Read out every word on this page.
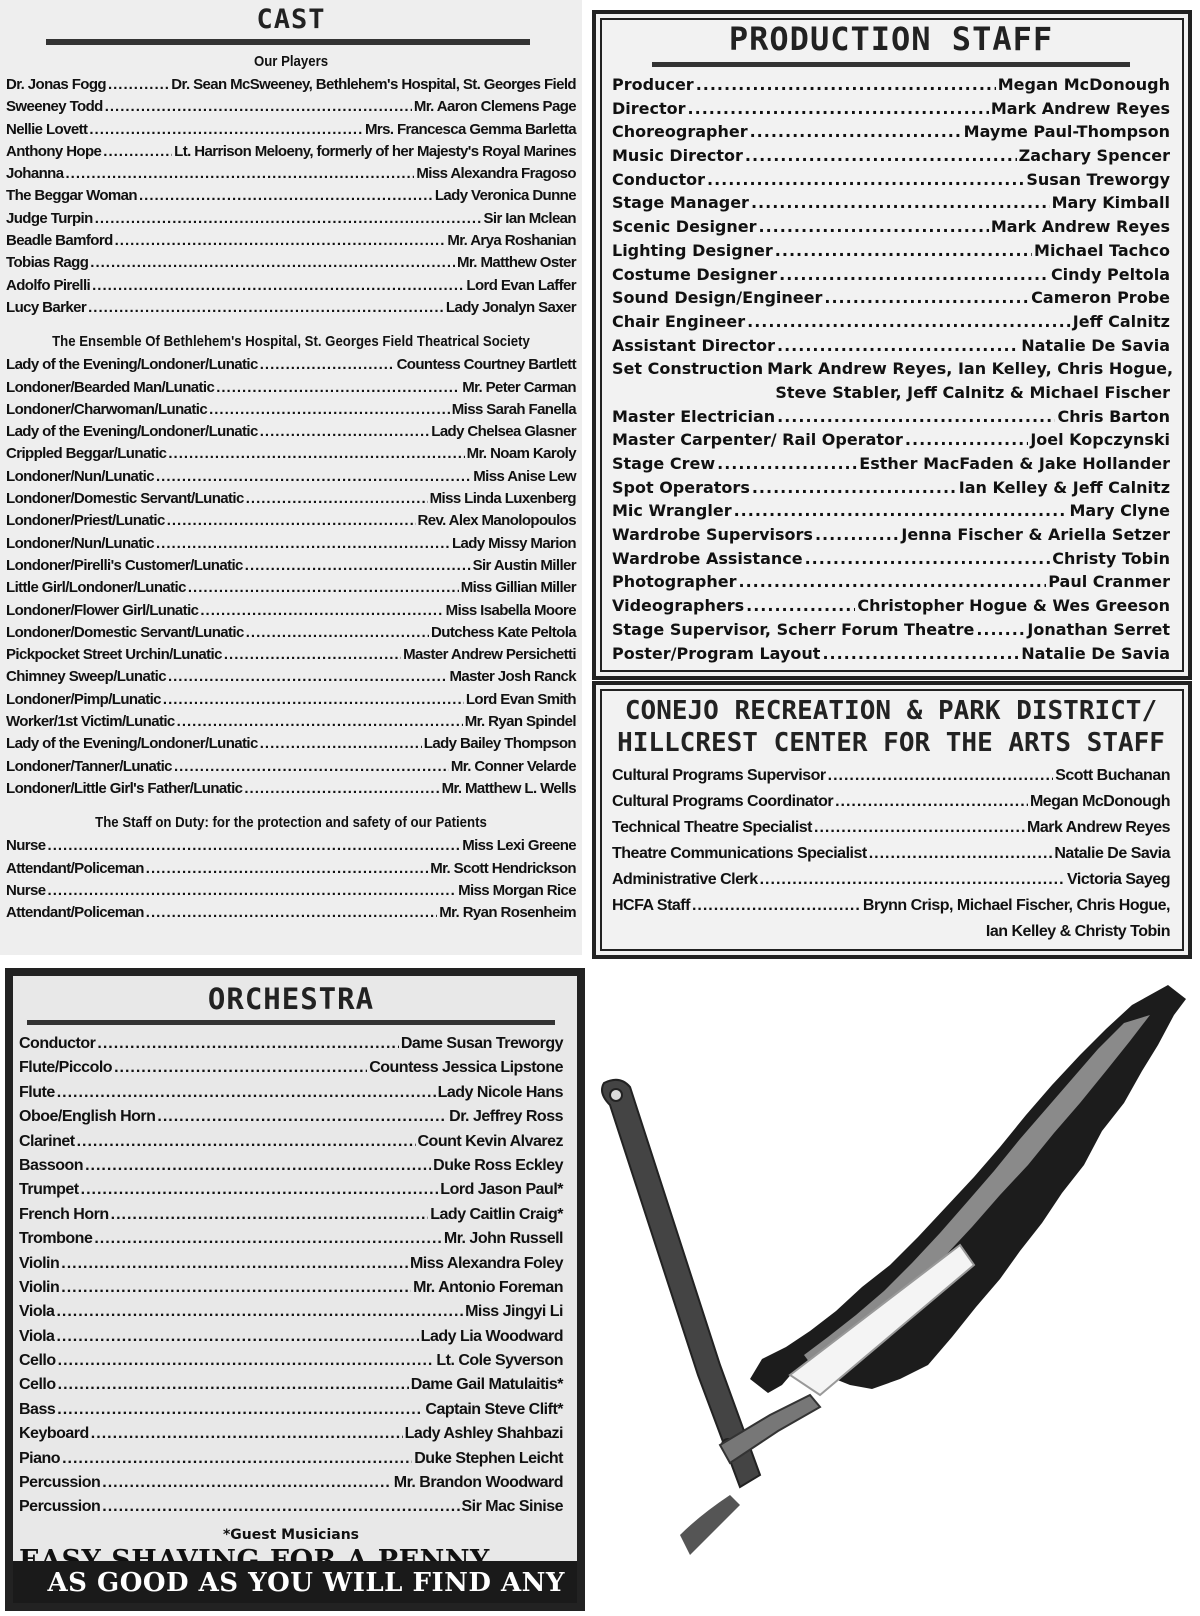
CAST
Our Players
Dr. Jonas Fogg .....	Dr. Sean McSweeney, Bethlehem's Hospital, St. Georges Field
Sweeney Todd .....	Mr. Aaron Clemens Page
Nellie Lovett .....	Mrs. Francesca Gemma Barletta
Anthony Hope .....	Lt. Harrison Meloeny, formerly of her Majesty's Royal Marines
Johanna .....	Miss Alexandra Fragoso
The Beggar Woman .....	Lady Veronica Dunne
Judge Turpin .....	Sir Ian Mclean
Beadle Bamford .....	Mr. Arya Roshanian
Tobias Ragg .....	Mr. Matthew Oster
Adolfo Pirelli .....	Lord Evan Laffer
Lucy Barker .....	Lady Jonalyn Saxer
The Ensemble Of Bethlehem's Hospital, St. Georges Field Theatrical Society
Lady of the Evening/Londoner/Lunatic .....	Countess Courtney Bartlett
Londoner/Bearded Man/Lunatic .....	Mr. Peter Carman
Londoner/Charwoman/Lunatic .....	Miss Sarah Fanella
Lady of the Evening/Londoner/Lunatic .....	Lady Chelsea Glasner
Crippled Beggar/Lunatic .....	Mr. Noam Karoly
Londoner/Nun/Lunatic .....	Miss Anise Lew
Londoner/Domestic Servant/Lunatic .....	Miss Linda Luxenberg
Londoner/Priest/Lunatic .....	Rev. Alex Manolopoulos
Londoner/Nun/Lunatic .....	Lady Missy Marion
Londoner/Pirelli's Customer/Lunatic .....	Sir Austin Miller
Little Girl/Londoner/Lunatic .....	Miss Gillian Miller
Londoner/Flower Girl/Lunatic .....	Miss Isabella Moore
Londoner/Domestic Servant/Lunatic .....	Dutchess Kate Peltola
Pickpocket Street Urchin/Lunatic .....	Master Andrew Persichetti
Chimney Sweep/Lunatic .....	Master Josh Ranck
Londoner/Pimp/Lunatic .....	Lord Evan Smith
Worker/1st Victim/Lunatic .....	Mr. Ryan Spindel
Lady of the Evening/Londoner/Lunatic .....	Lady Bailey Thompson
Londoner/Tanner/Lunatic .....	Mr. Conner Velarde
Londoner/Little Girl's Father/Lunatic .....	Mr. Matthew L. Wells
The Staff on Duty: for the protection and safety of our Patients
Nurse .....	Miss Lexi Greene
Attendant/Policeman .....	Mr. Scott Hendrickson
Nurse .....	Miss Morgan Rice
Attendant/Policeman .....	Mr. Ryan Rosenheim
PRODUCTION STAFF
Producer .....	Megan McDonough
Director .....	Mark Andrew Reyes
Choreographer .....	Mayme Paul-Thompson
Music Director .....	Zachary Spencer
Conductor .....	Susan Treworgy
Stage Manager .....	Mary Kimball
Scenic Designer .....	Mark Andrew Reyes
Lighting Designer .....	Michael Tachco
Costume Designer .....	Cindy Peltola
Sound Design/Engineer .....	Cameron Probe
Chair Engineer .....	Jeff Calnitz
Assistant Director .....	Natalie De Savia
Set Construction Mark Andrew Reyes, Ian Kelley, Chris Hogue,
Steve Stabler, Jeff Calnitz & Michael Fischer
Master Electrician .....	Chris Barton
Master Carpenter/ Rail Operator .....	Joel Kopczynski
Stage Crew .....	Esther MacFaden & Jake Hollander
Spot Operators .....	Ian Kelley & Jeff Calnitz
Mic Wrangler .....	Mary Clyne
Wardrobe Supervisors .....	Jenna Fischer & Ariella Setzer
Wardrobe Assistance .....	Christy Tobin
Photographer .....	Paul Cranmer
Videographers .....	Christopher Hogue & Wes Greeson
Stage Supervisor, Scherr Forum Theatre .....	Jonathan Serret
Poster/Program Layout .....	Natalie De Savia
CONEJO RECREATION & PARK DISTRICT/
HILLCREST CENTER FOR THE ARTS STAFF
Cultural Programs Supervisor .....	Scott Buchanan
Cultural Programs Coordinator .....	Megan McDonough
Technical Theatre Specialist .....	Mark Andrew Reyes
Theatre Communications Specialist .....	Natalie De Savia
Administrative Clerk .....	Victoria Sayeg
HCFA Staff .....	Brynn Crisp, Michael Fischer, Chris Hogue,
Ian Kelley & Christy Tobin
ORCHESTRA
Conductor .....	Dame Susan Treworgy
Flute/Piccolo .....	Countess Jessica Lipstone
Flute .....	Lady Nicole Hans
Oboe/English Horn .....	Dr. Jeffrey Ross
Clarinet .....	Count Kevin Alvarez
Bassoon .....	Duke Ross Eckley
Trumpet .....	Lord Jason Paul*
French Horn .....	Lady Caitlin Craig*
Trombone .....	Mr. John Russell
Violin .....	Miss Alexandra Foley
Violin .....	Mr. Antonio Foreman
Viola .....	Miss Jingyi Li
Viola .....	Lady Lia Woodward
Cello .....	Lt. Cole Syverson
Cello .....	Dame Gail Matulaitis*
Bass .....	Captain Steve Clift*
Keyboard .....	Lady Ashley Shahbazi
Piano .....	Duke Stephen Leicht
Percussion .....	Mr. Brandon Woodward
Percussion .....	Sir Mac Sinise
*Guest Musicians
AS GOOD AS YOU WILL FIND ANY
